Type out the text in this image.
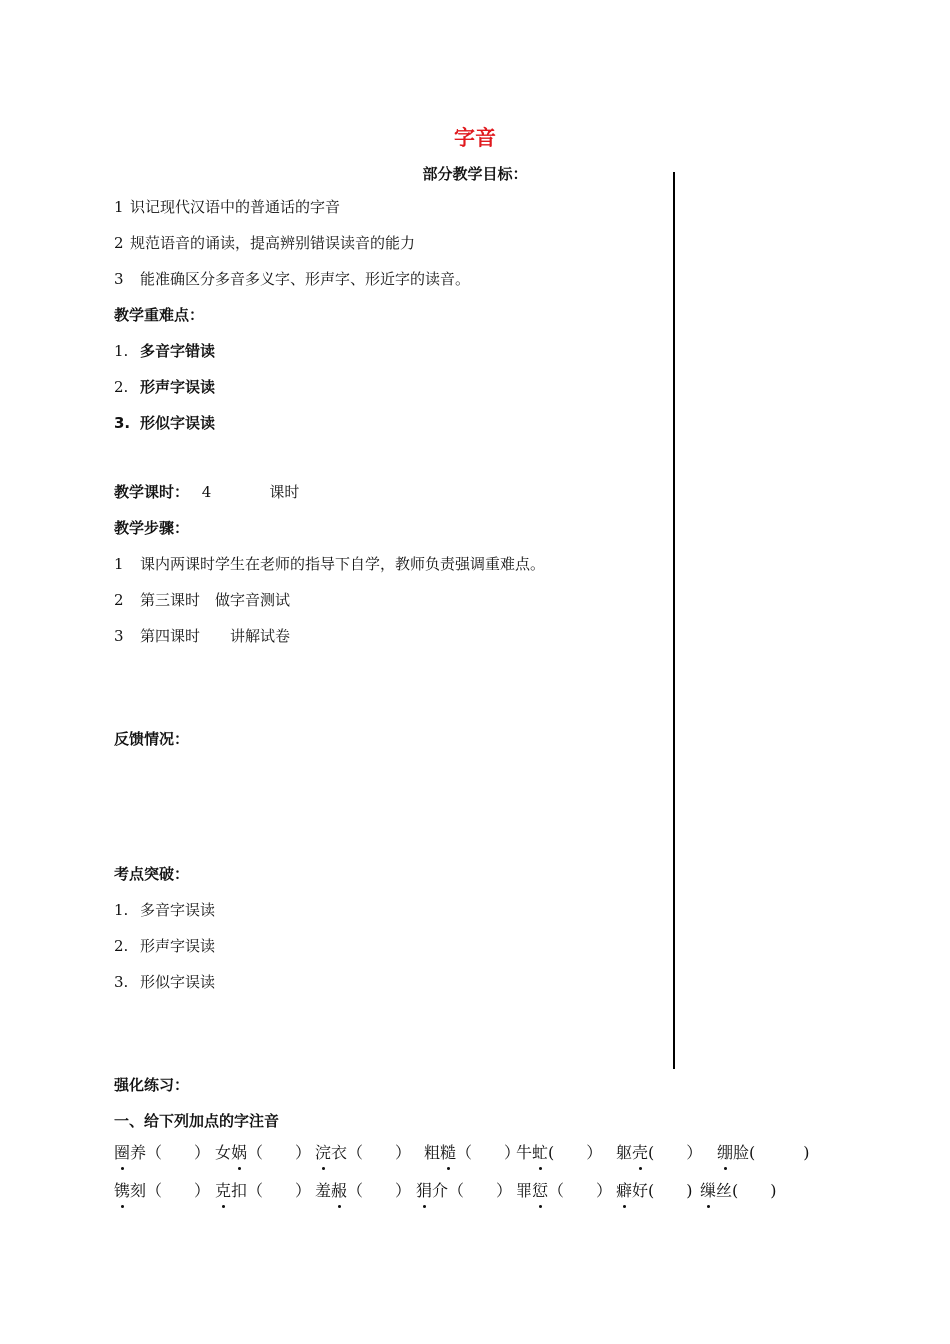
字音
部分教学目标：
1 识记现代汉语中的普通话的字音
2 规范语音的诵读，提高辨别错误读音的能力
3 能准确区分多音多义字、形声字、形近字的读音。
教学重难点：
1. 多音字错读
2. 形声字误读
3. 形似字误读
教学课时： 4	课时
教学步骤：
1 课内两课时学生在老师的指导下自学，教师负责强调重难点。
2 第三课时　做字音测试
3 第四课时　　讲解试卷
反馈情况：
考点突破：
1. 多音字误读
2. 形声字误读
3. 形似字误读
强化练习：
一、给下列加点的字注音
圈 养（　　） 女 娲 （　　） 浣 衣（　　） 粗 糙 （　　）
牛 虻 (　　） 躯 壳 (　　） 绷 脸(　　　)
镌 刻（　　） 克 扣（　　） 羞 赧 （　　） 狷 介（　　） 罪 愆 （　　） 癖 好(　　) 缫 丝(　　)
